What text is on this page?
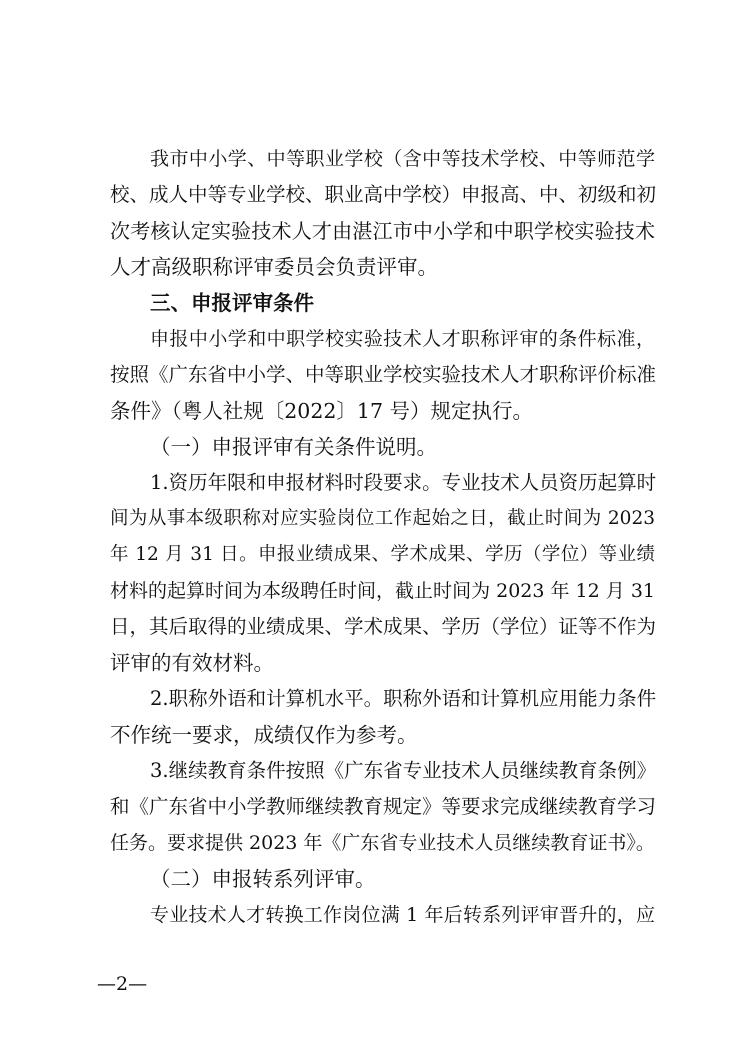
我市中小学、中等职业学校（含中等技术学校、中等师范学
校、成人中等专业学校、职业高中学校）申报高、中、初级和初
次考核认定实验技术人才由湛江市中小学和中职学校实验技术
人才高级职称评审委员会负责评审。
三、申报评审条件
申报中小学和中职学校实验技术人才职称评审的条件标准，
按照《广东省中小学、中等职业学校实验技术人才职称评价标准
条件》（粤人社规〔2022〕17 号）规定执行。
（一）申报评审有关条件说明。
1.资历年限和申报材料时段要求。专业技术人员资历起算时
间为从事本级职称对应实验岗位工作起始之日，截止时间为 2023
年 12 月 31 日。申报业绩成果、学术成果、学历（学位）等业绩
材料的起算时间为本级聘任时间，截止时间为 2023 年 12 月 31
日，其后取得的业绩成果、学术成果、学历（学位）证等不作为
评审的有效材料。
2.职称外语和计算机水平。职称外语和计算机应用能力条件
不作统一要求，成绩仅作为参考。
3.继续教育条件按照《广东省专业技术人员继续教育条例》
和《广东省中小学教师继续教育规定》等要求完成继续教育学习
任务。要求提供 2023 年《广东省专业技术人员继续教育证书》。
（二）申报转系列评审。
专业技术人才转换工作岗位满 1 年后转系列评审晋升的，应
—2—
